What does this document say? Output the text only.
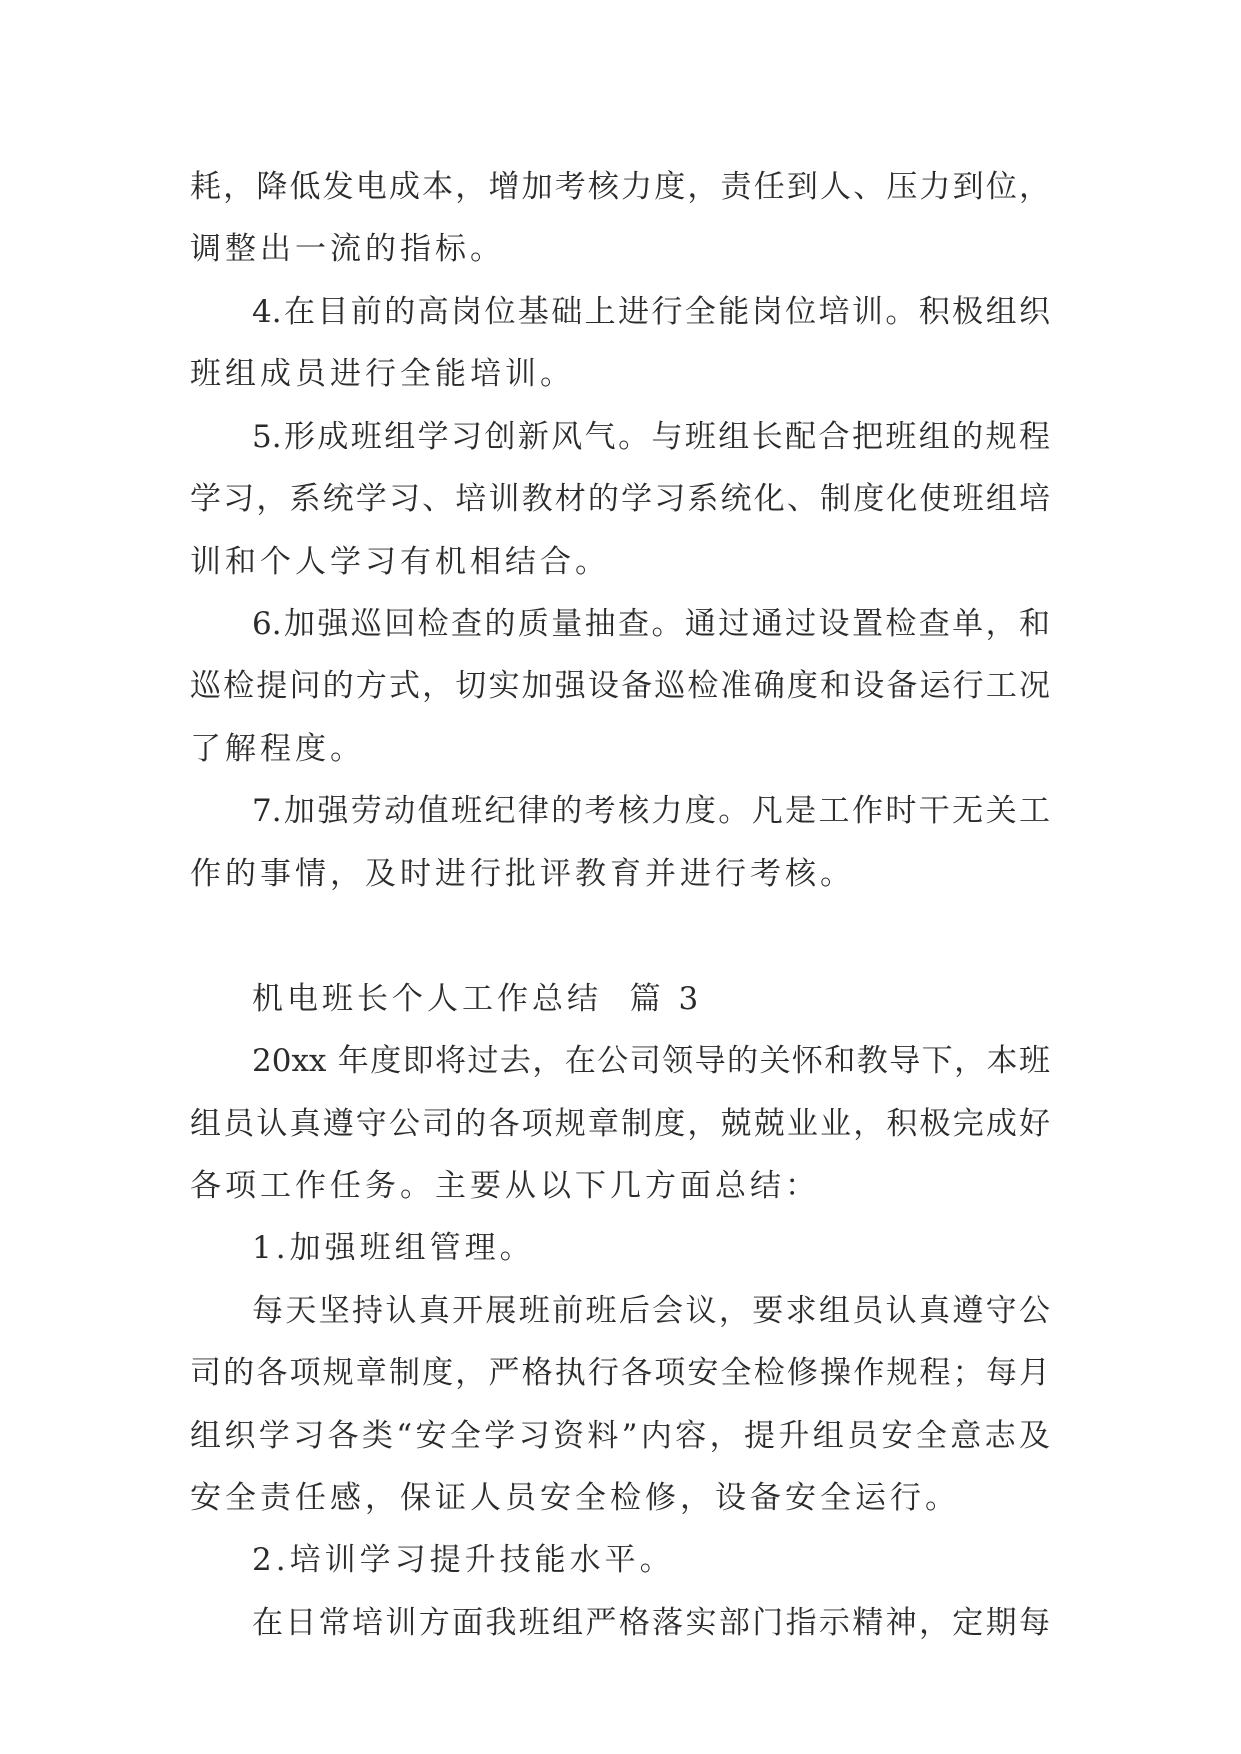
耗，降低发电成本，增加考核力度，责任到人、压力到位，
调整出一流的指标。
4.在目前的高岗位基础上进行全能岗位培训。积极组织
班组成员进行全能培训。
5.形成班组学习创新风气。与班组长配合把班组的规程
学习，系统学习、培训教材的学习系统化、制度化使班组培
训和个人学习有机相结合。
6.加强巡回检查的质量抽查。通过通过设置检查单，和
巡检提问的方式，切实加强设备巡检准确度和设备运行工况
了解程度。
7.加强劳动值班纪律的考核力度。凡是工作时干无关工
作的事情，及时进行批评教育并进行考核。
机电班长个人工作总结  篇 3
20xx 年度即将过去，在公司领导的关怀和教导下，本班
组员认真遵守公司的各项规章制度，兢兢业业，积极完成好
各项工作任务。主要从以下几方面总结：
1.加强班组管理。
每天坚持认真开展班前班后会议，要求组员认真遵守公
司的各项规章制度，严格执行各项安全检修操作规程；每月
组织学习各类“安全学习资料”内容，提升组员安全意志及
安全责任感，保证人员安全检修，设备安全运行。
2.培训学习提升技能水平。
在日常培训方面我班组严格落实部门指示精神，定期每
